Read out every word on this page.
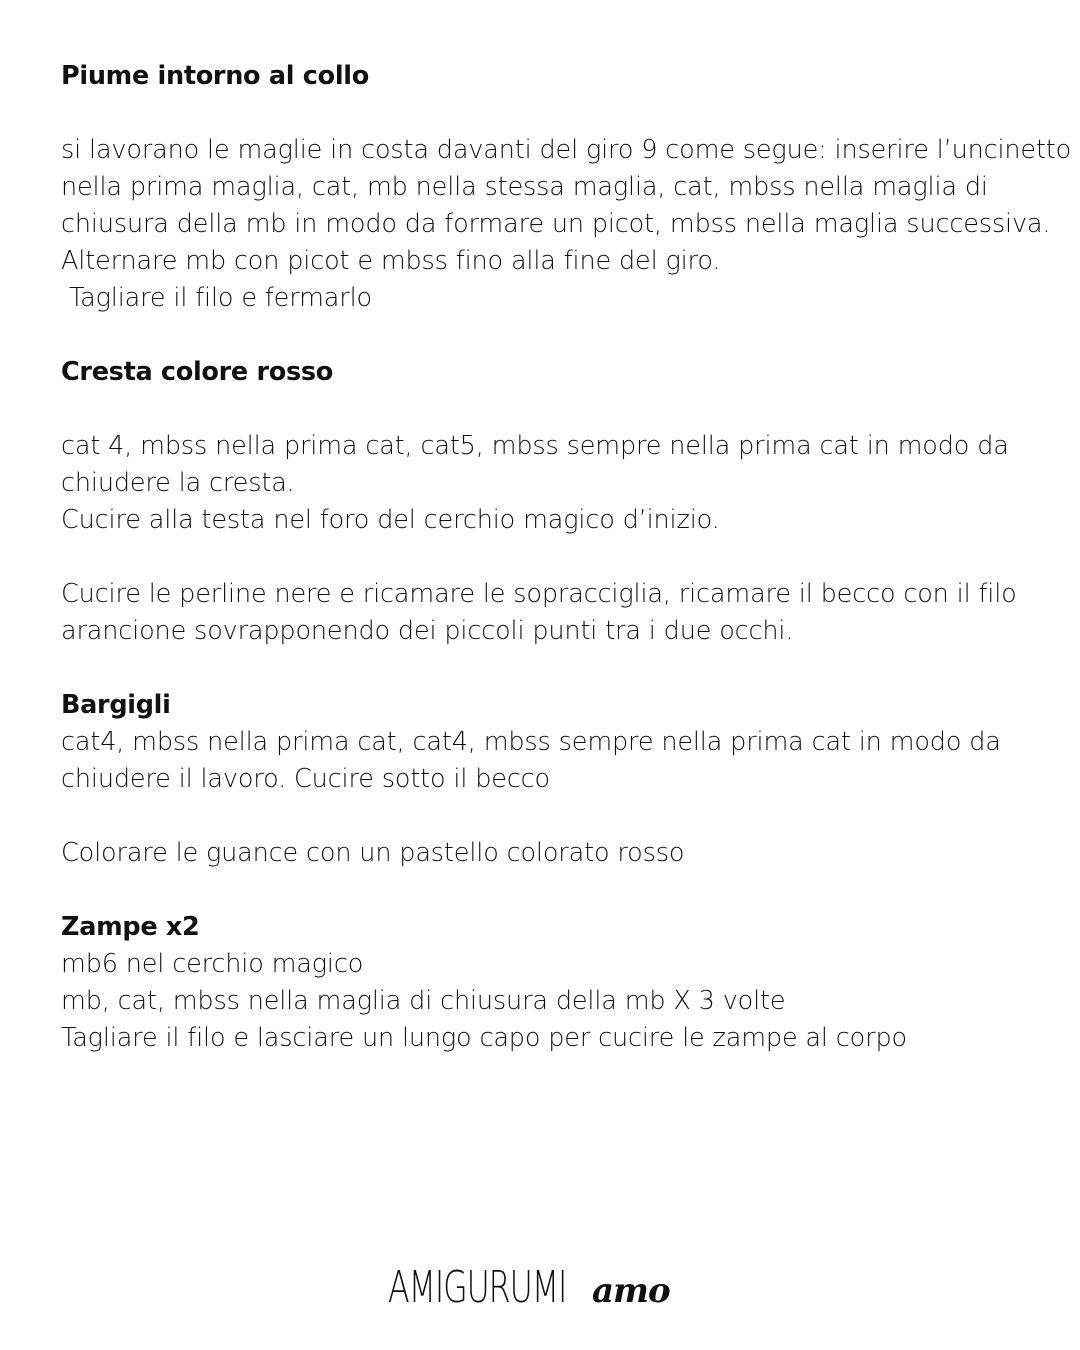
Piume intorno al collo

si lavorano le maglie in costa davanti del giro 9 come segue: inserire l’uncinetto

nella prima maglia, cat, mb nella stessa maglia, cat, mbss nella maglia di

chiusura della mb in modo da formare un picot, mbss nella maglia successiva.

Alternare mb con picot e mbss fino alla fine del giro.

Tagliare il filo e fermarlo

Cresta colore rosso

cat 4, mbss nella prima cat, cat5, mbss sempre nella prima cat in modo da

chiudere la cresta.

Cucire alla testa nel foro del cerchio magico d’inizio.

Cucire le perline nere e ricamare le sopracciglia, ricamare il becco con il filo

arancione sovrapponendo dei piccoli punti tra i due occhi.

Bargigli

cat4, mbss nella prima cat, cat4, mbss sempre nella prima cat in modo da

chiudere il lavoro. Cucire sotto il becco

Colorare le guance con un pastello colorato rosso

Zampe x2

mb6 nel cerchio magico

mb, cat, mbss nella maglia di chiusura della mb X 3 volte

Tagliare il filo e lasciare un lungo capo per cucire le zampe al corpo

AMIGURUMI amo
